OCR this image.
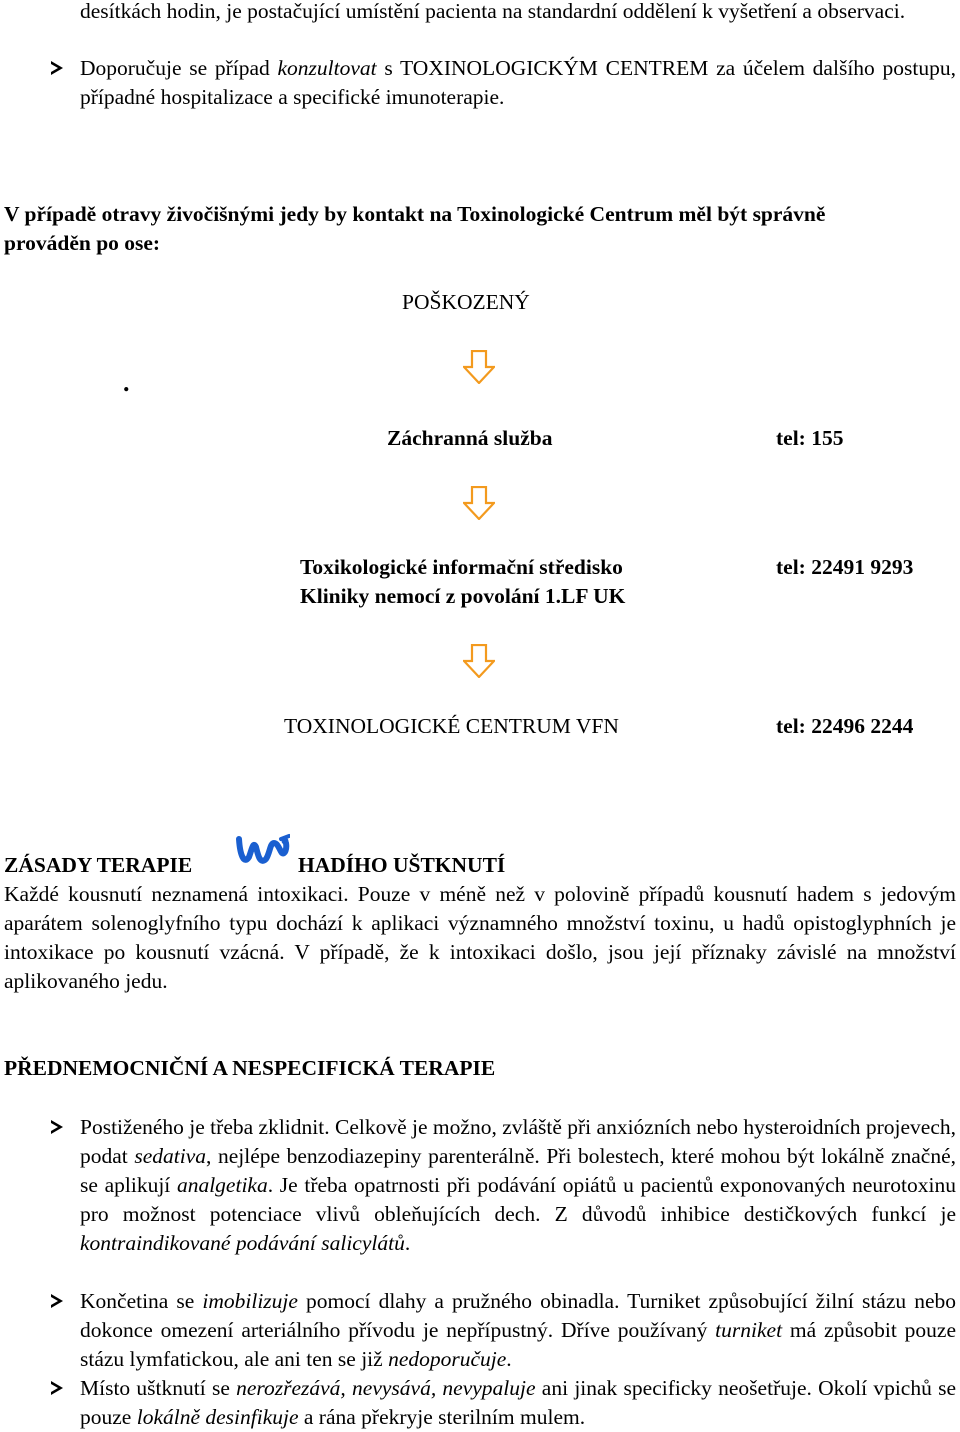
desítkách hodin, je postačující umístění pacienta na standardní oddělení k vyšetření a observaci.

Doporučuje se případ konzultovat s TOXINOLOGICKÝM CENTREM za účelem dalšího postupu, případné hospitalizace a specifické imunoterapie.

V případě otravy živočišnými jedy by kontakt na Toxinologické Centrum měl být správně prováděn po ose:

POŠKOZENÝ
.
Záchranná služba	tel: 155
Toxikologické informační středisko
Kliniky nemocí z povolání 1.LF UK
tel: 22491 9293
TOXINOLOGICKÉ CENTRUM VFN	tel: 22496 2244
ZÁSADY TERAPIE	HADÍHO UŠTKNUTÍ

Každé kousnutí neznamená intoxikaci. Pouze v méně než v polovině případů kousnutí hadem s jedovým aparátem solenoglyfního typu dochází k aplikaci významného množství toxinu, u hadů opistoglyphních je intoxikace po kousnutí vzácná. V případě, že k intoxikaci došlo, jsou její příznaky závislé na množství aplikovaného jedu.

PŘEDNEMOCNIČNÍ A NESPECIFICKÁ TERAPIE

Postiženého je třeba zklidnit. Celkově je možno, zvláště při anxiózních nebo hysteroidních projevech, podat sedativa, nejlépe benzodiazepiny parenterálně. Při bolestech, které mohou být lokálně značné, se aplikují analgetika. Je třeba opatrnosti při podávání opiátů u pacientů exponovaných neurotoxinu pro možnost potenciace vlivů obleňujících dech. Z důvodů inhibice destičkových funkcí je kontraindikované podávání salicylátů.

Končetina se imobilizuje pomocí dlahy a pružného obinadla. Turniket způsobující žilní stázu nebo dokonce omezení arteriálního přívodu je nepřípustný. Dříve používaný turniket má způsobit pouze stázu lymfatickou, ale ani ten se již nedoporučuje.

Místo uštknutí se nerozřezává, nevysává, nevypaluje ani jinak specificky neošetřuje. Okolí vpichů se pouze lokálně desinfikuje a rána překryje sterilním mulem.
